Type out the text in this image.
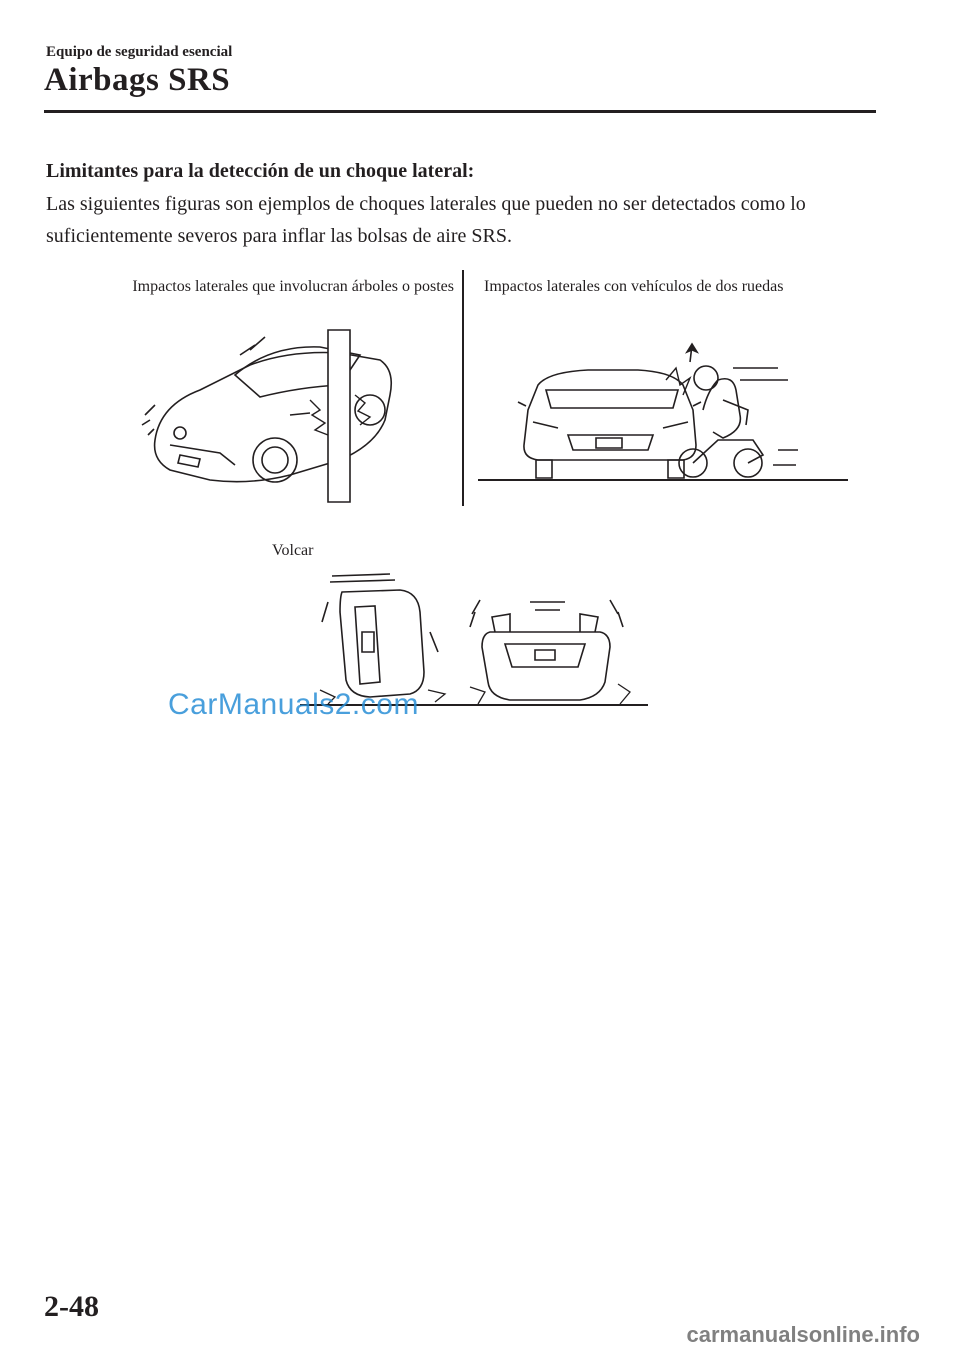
Equipo de seguridad esencial
Airbags SRS
Limitantes para la detección de un choque lateral:
Las siguientes figuras son ejemplos de choques laterales que pueden no ser detectados como lo suficientemente severos para inflar las bolsas de aire SRS.
Impactos laterales que involucran árboles o postes Impactos laterales con vehículos de dos ruedas
Volcar
CarManuals2.com
2-48
carmanualsonline.info
